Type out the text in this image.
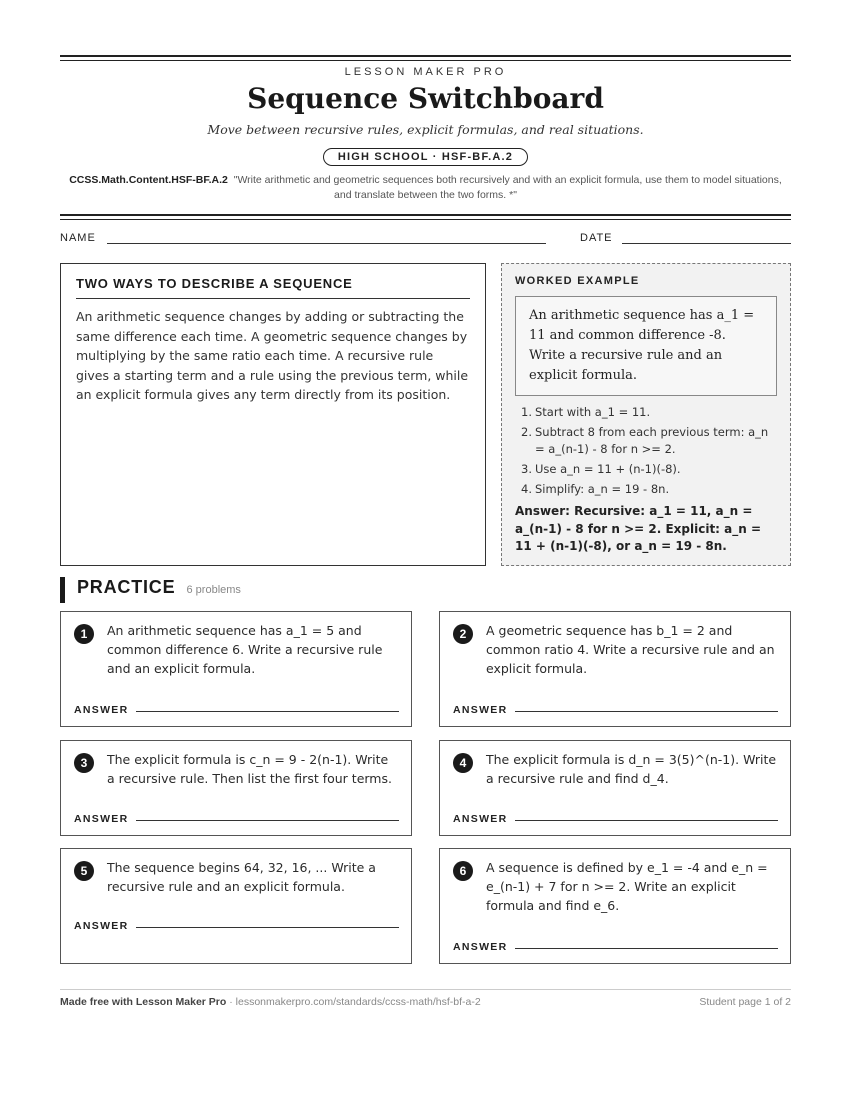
LESSON MAKER PRO
Sequence Switchboard
Move between recursive rules, explicit formulas, and real situations.
HIGH SCHOOL · HSF-BF.A.2
CCSS.Math.Content.HSF-BF.A.2 "Write arithmetic and geometric sequences both recursively and with an explicit formula, use them to model situations, and translate between the two forms. *"
NAME	DATE
TWO WAYS TO DESCRIBE A SEQUENCE

An arithmetic sequence changes by adding or subtracting the same difference each time. A geometric sequence changes by multiplying by the same ratio each time. A recursive rule gives a starting term and a rule using the previous term, while an explicit formula gives any term directly from its position.

WORKED EXAMPLE
An arithmetic sequence has a_1 = 11 and common difference -8. Write a recursive rule and an explicit formula.
1. Start with a_1 = 11.
2. Subtract 8 from each previous term: a_n = a_(n-1) - 8 for n >= 2.
3. Use a_n = 11 + (n-1)(-8).
4. Simplify: a_n = 19 - 8n.
Answer: Recursive: a_1 = 11, a_n = a_(n-1) - 8 for n >= 2. Explicit: a_n = 11 + (n-1)(-8), or a_n = 19 - 8n.
PRACTICE 6 problems
1	An arithmetic sequence has a_1 = 5 and common difference 6. Write a recursive rule and an explicit formula.
ANSWER
2	A geometric sequence has b_1 = 2 and common ratio 4. Write a recursive rule and an explicit formula.
ANSWER
3	The explicit formula is c_n = 9 - 2(n-1). Write a recursive rule. Then list the first four terms.
ANSWER
4	The explicit formula is d_n = 3(5)^(n-1). Write a recursive rule and find d_4.
ANSWER
5	The sequence begins 64, 32, 16, ... Write a recursive rule and an explicit formula.
ANSWER
6	A sequence is defined by e_1 = -4 and e_n = e_(n-1) + 7 for n >= 2. Write an explicit formula and find e_6.
ANSWER
Made free with Lesson Maker Pro · lessonmakerpro.com/standards/ccss-math/hsf-bf-a-2	Student page 1 of 2
